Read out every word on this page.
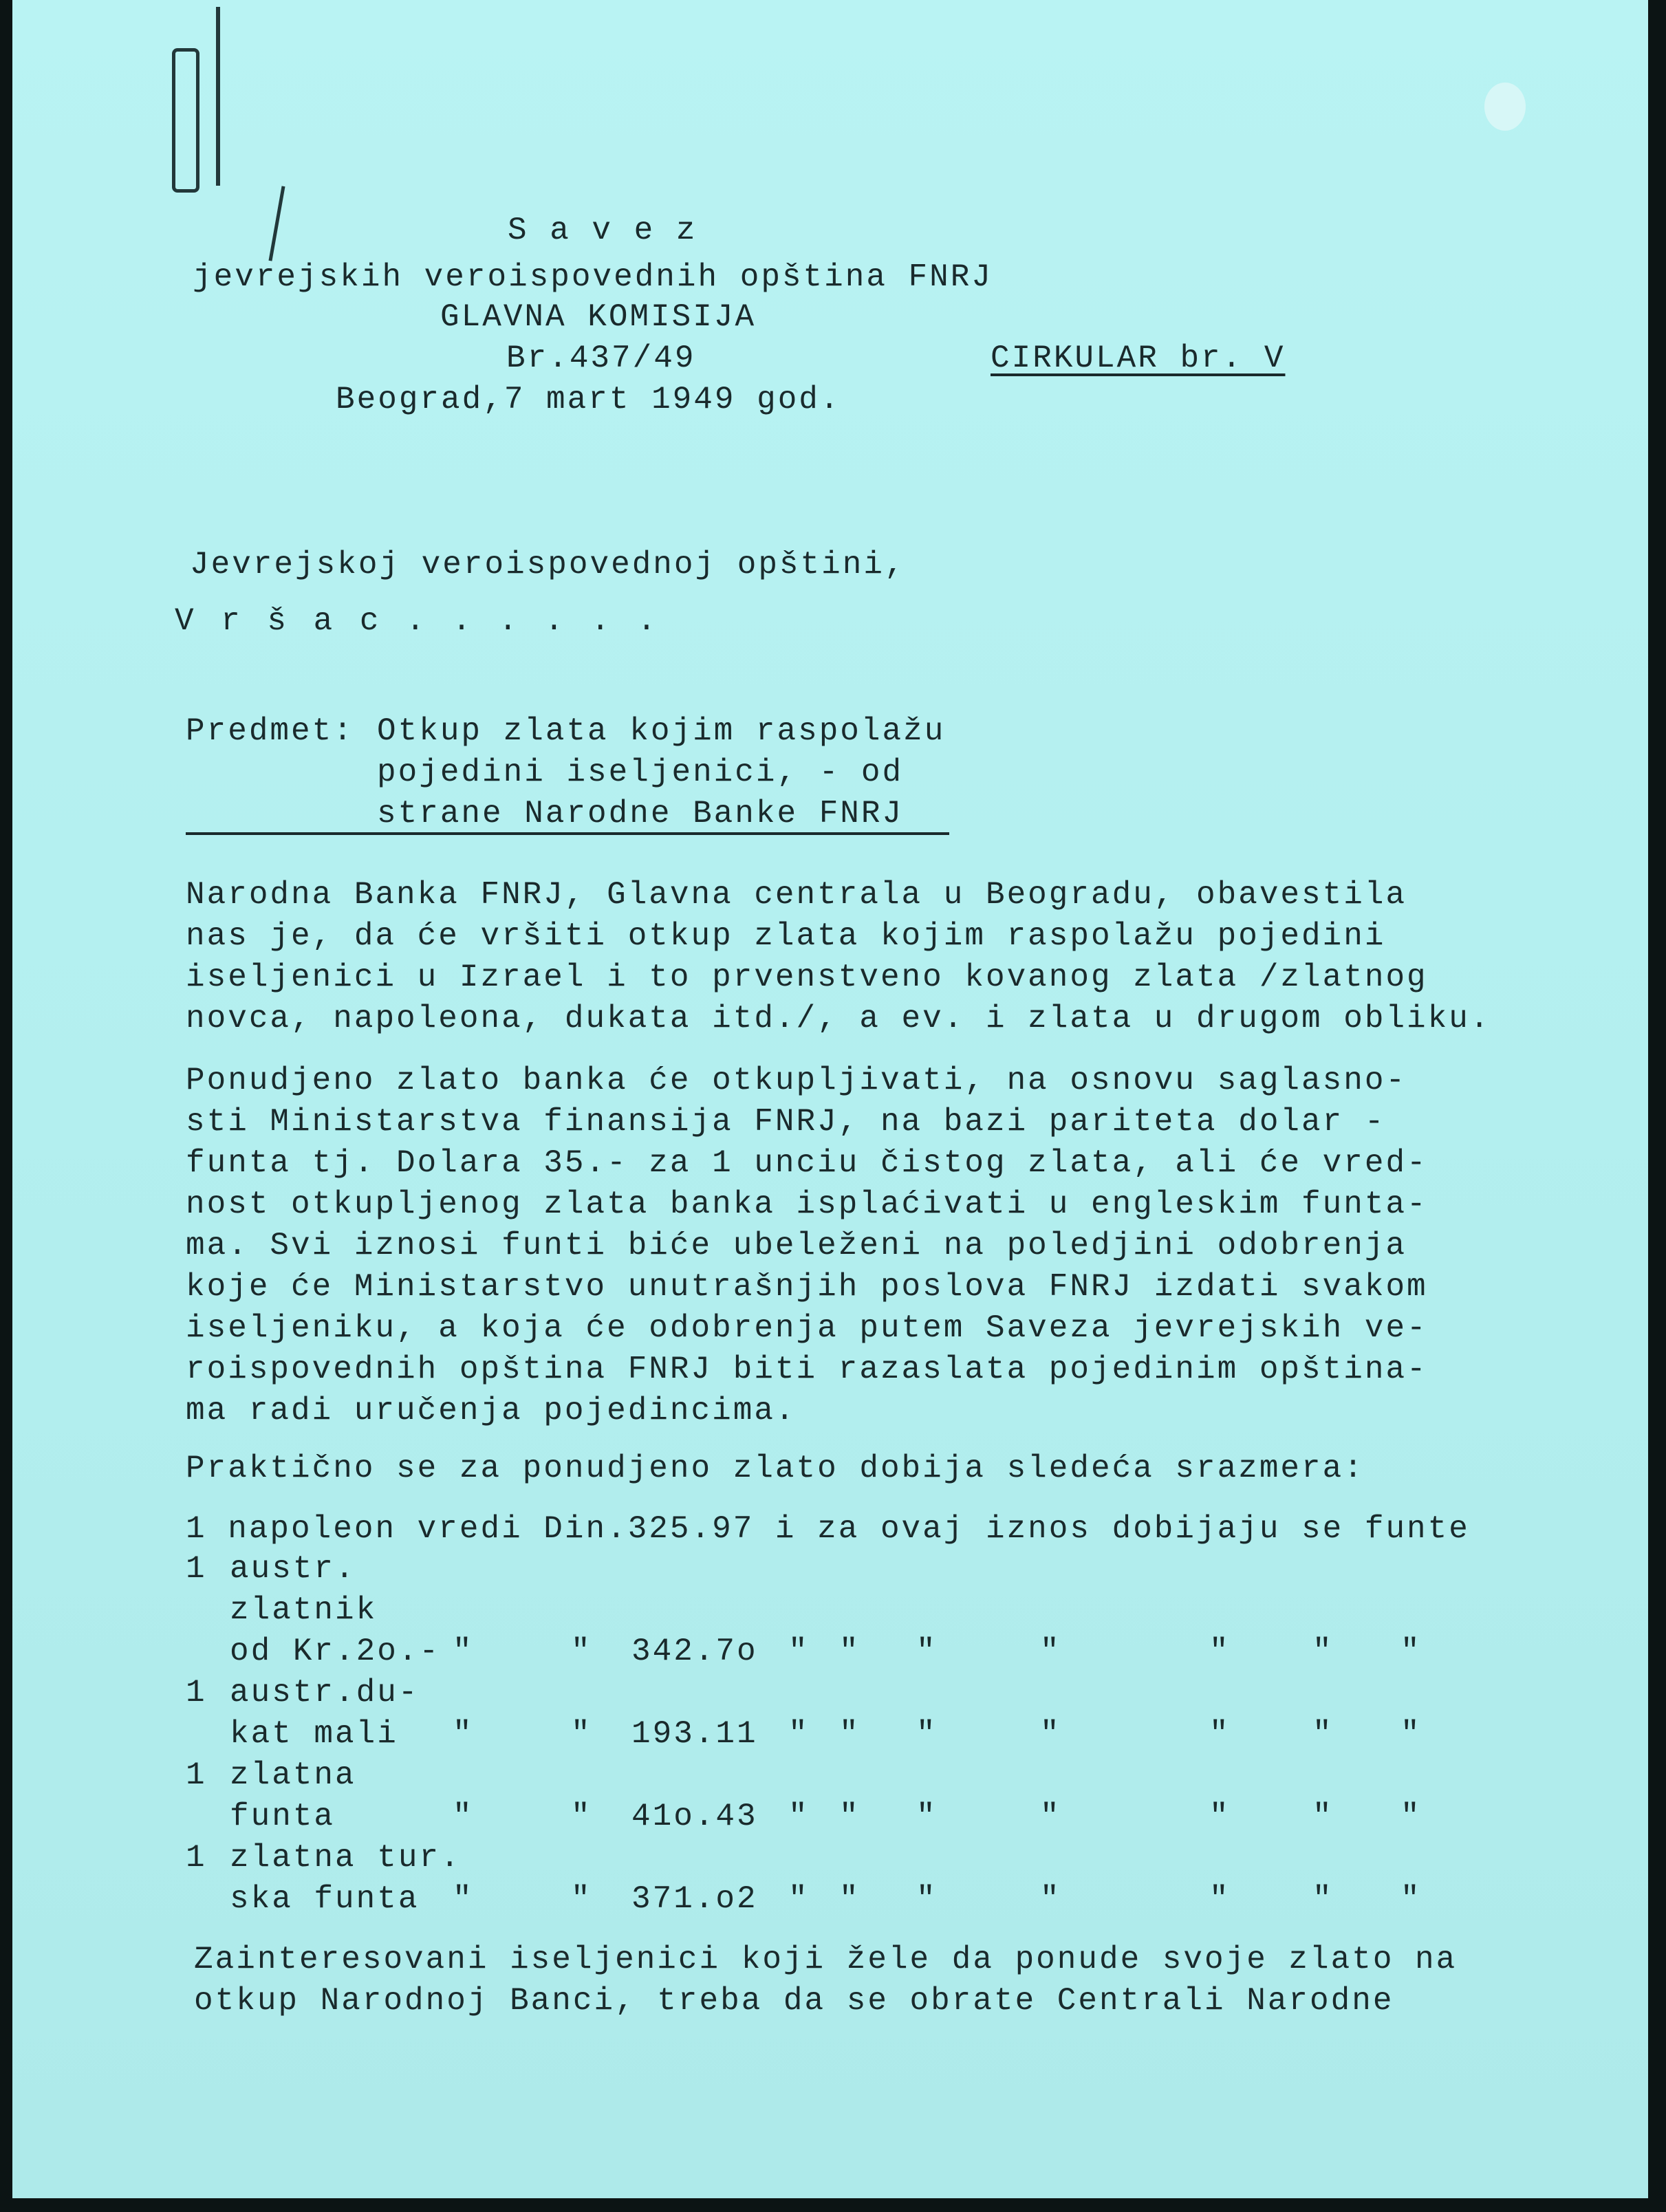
S a v e z
jevrejskih veroispovednih opština FNRJ
GLAVNA KOMISIJA
Br.437/49	CIRKULAR br. V
Beograd,7 mart 1949 god.
Jevrejskoj veroispovednoj opštini,
V r š a c . . . . . .
Predmet: Otkup zlata kojim raspolažu
pojedini iseljenici, - od
strane Narodne Banke FNRJ
Narodna Banka FNRJ, Glavna centrala u Beogradu, obavestila
nas je, da će vršiti otkup zlata kojim raspolažu pojedini
iseljenici u Izrael i to prvenstveno kovanog zlata /zlatnog
novca, napoleona, dukata itd./, a ev. i zlata u drugom obliku.
Ponudjeno zlato banka će otkupljivati, na osnovu saglasno-
sti Ministarstva finansija FNRJ, na bazi pariteta dolar -
funta tj. Dolara 35.- za 1 unciu čistog zlata, ali će vred-
nost otkupljenog zlata banka isplaćivati u engleskim funta-
ma. Svi iznosi funti biće ubeleženi na poledjini odobrenja
koje će Ministarstvo unutrašnjih poslova FNRJ izdati svakom
iseljeniku, a koja će odobrenja putem Saveza jevrejskih ve-
roispovednih opština FNRJ biti razaslata pojedinim opština-
ma radi uručenja pojedincima.
Praktično se za ponudjeno zlato dobija sledeća srazmera:
1 napoleon vredi Din.325.97 i za ovaj iznos dobijaju se funte
1 austr.
zlatnik
od Kr.2o.- "	" 342.7o " " "	"	"	" "
1 austr.du-
kat mali "	" 193.11 " " "	"	"	" "
1 zlatna
funta	"	" 41o.43 " " "	"	"	" "
1 zlatna tur.
ska funta "	" 371.o2 " " "	"	"	" "
Zainteresovani iseljenici koji žele da ponude svoje zlato na
otkup Narodnoj Banci, treba da se obrate Centrali Narodne
